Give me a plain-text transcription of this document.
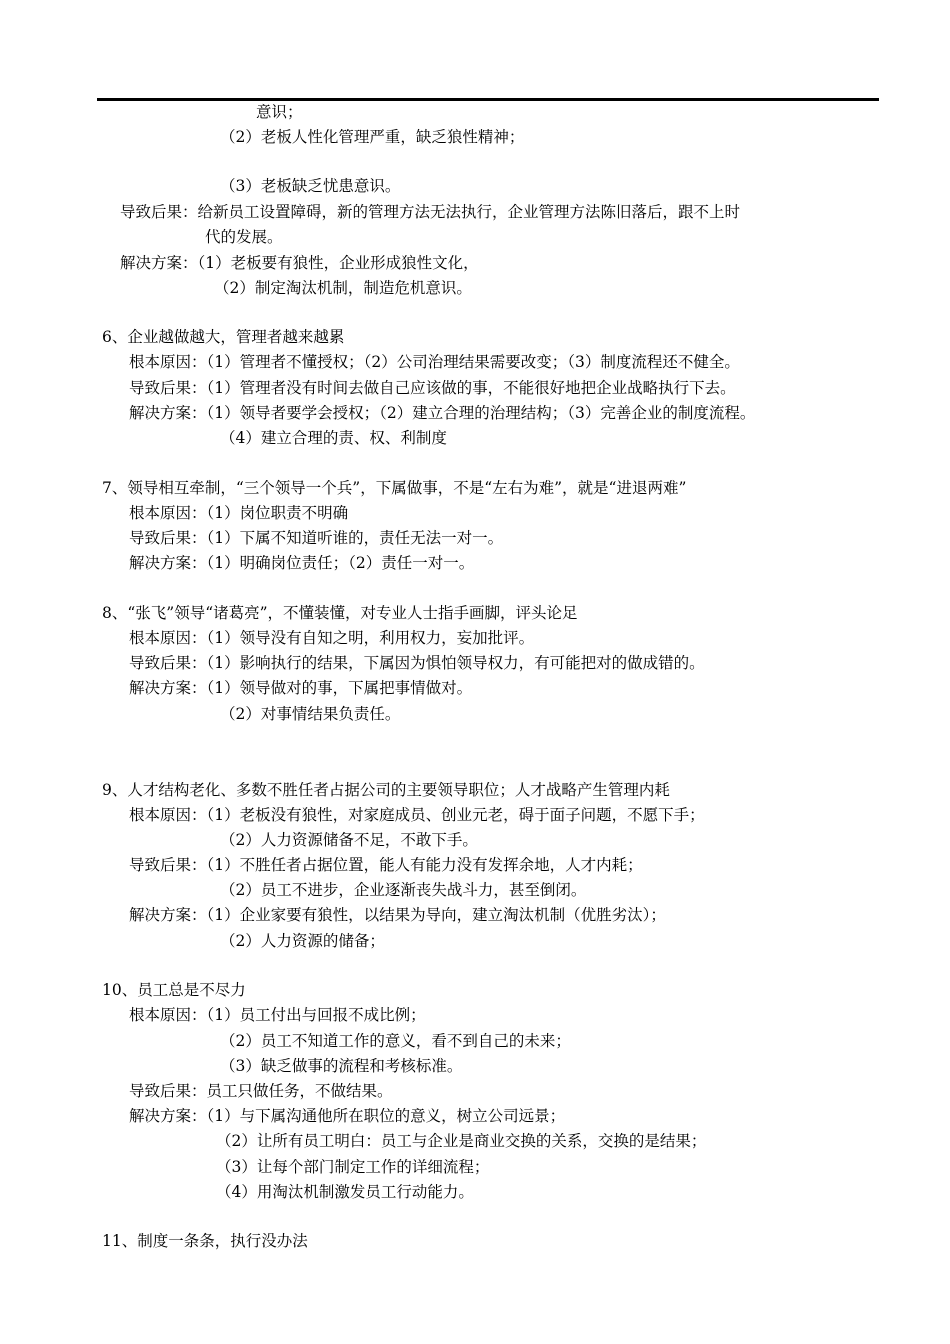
意识；
（2）老板人性化管理严重，缺乏狼性精神；
（3）老板缺乏忧患意识。
导致后果：给新员工设置障碍，新的管理方法无法执行，企业管理方法陈旧落后，跟不上时
代的发展。
解决方案：（1）老板要有狼性，企业形成狼性文化，
（2）制定淘汰机制，制造危机意识。
6、企业越做越大，管理者越来越累
根本原因：（1）管理者不懂授权；（2）公司治理结果需要改变；（3）制度流程还不健全。
导致后果：（1）管理者没有时间去做自己应该做的事，不能很好地把企业战略执行下去。
解决方案：（1）领导者要学会授权；（2）建立合理的治理结构；（3）完善企业的制度流程。
（4）建立合理的责、权、利制度
7、领导相互牵制，“三个领导一个兵”，下属做事，不是“左右为难”，就是“进退两难”
根本原因：（1）岗位职责不明确
导致后果：（1）下属不知道听谁的，责任无法一对一。
解决方案：（1）明确岗位责任；（2）责任一对一。
8、“张飞”领导“诸葛亮”，不懂装懂，对专业人士指手画脚，评头论足
根本原因：（1）领导没有自知之明，利用权力，妄加批评。
导致后果：（1）影响执行的结果，下属因为惧怕领导权力，有可能把对的做成错的。
解决方案：（1）领导做对的事，下属把事情做对。
（2）对事情结果负责任。
9、人才结构老化、多数不胜任者占据公司的主要领导职位；人才战略产生管理内耗
根本原因：（1）老板没有狼性，对家庭成员、创业元老，碍于面子问题，不愿下手；
（2）人力资源储备不足，不敢下手。
导致后果：（1）不胜任者占据位置，能人有能力没有发挥余地，人才内耗；
（2）员工不进步，企业逐渐丧失战斗力，甚至倒闭。
解决方案：（1）企业家要有狼性，以结果为导向，建立淘汰机制（优胜劣汰）；
（2）人力资源的储备；
10、员工总是不尽力
根本原因：（1）员工付出与回报不成比例；
（2）员工不知道工作的意义，看不到自己的未来；
（3）缺乏做事的流程和考核标准。
导致后果：员工只做任务，不做结果。
解决方案：（1）与下属沟通他所在职位的意义，树立公司远景；
（2）让所有员工明白：员工与企业是商业交换的关系，交换的是结果；
（3）让每个部门制定工作的详细流程；
（4）用淘汰机制激发员工行动能力。
11、制度一条条，执行没办法
